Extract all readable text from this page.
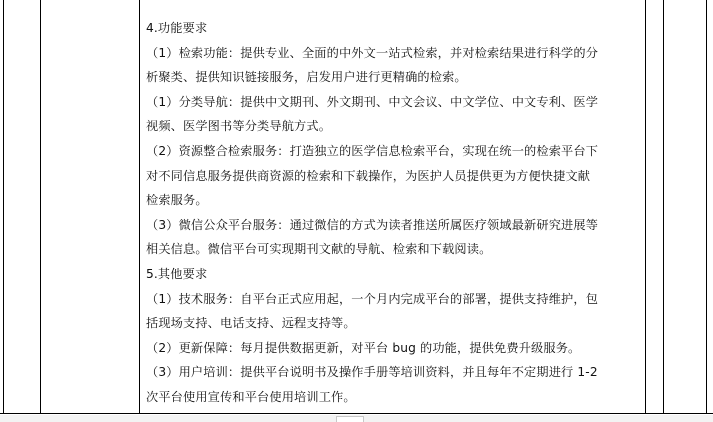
4.功能要求
（1）检索功能：提供专业、全面的中外文一站式检索，并对检索结果进行科学的分
析聚类、提供知识链接服务，启发用户进行更精确的检索。
（1）分类导航：提供中文期刊、外文期刊、中文会议、中文学位、中文专利、医学
视频、医学图书等分类导航方式。
（2）资源整合检索服务：打造独立的医学信息检索平台，实现在统一的检索平台下
对不同信息服务提供商资源的检索和下载操作，为医护人员提供更为方便快捷文献
检索服务。
（3）微信公众平台服务：通过微信的方式为读者推送所属医疗领域最新研究进展等
相关信息。微信平台可实现期刊文献的导航、检索和下载阅读。
5.其他要求
（1）技术服务：自平台正式应用起，一个月内完成平台的部署，提供支持维护，包
括现场支持、电话支持、远程支持等。
（2）更新保障：每月提供数据更新，对平台 bug 的功能，提供免费升级服务。
（3）用户培训：提供平台说明书及操作手册等培训资料，并且每年不定期进行 1-2
次平台使用宣传和平台使用培训工作。
